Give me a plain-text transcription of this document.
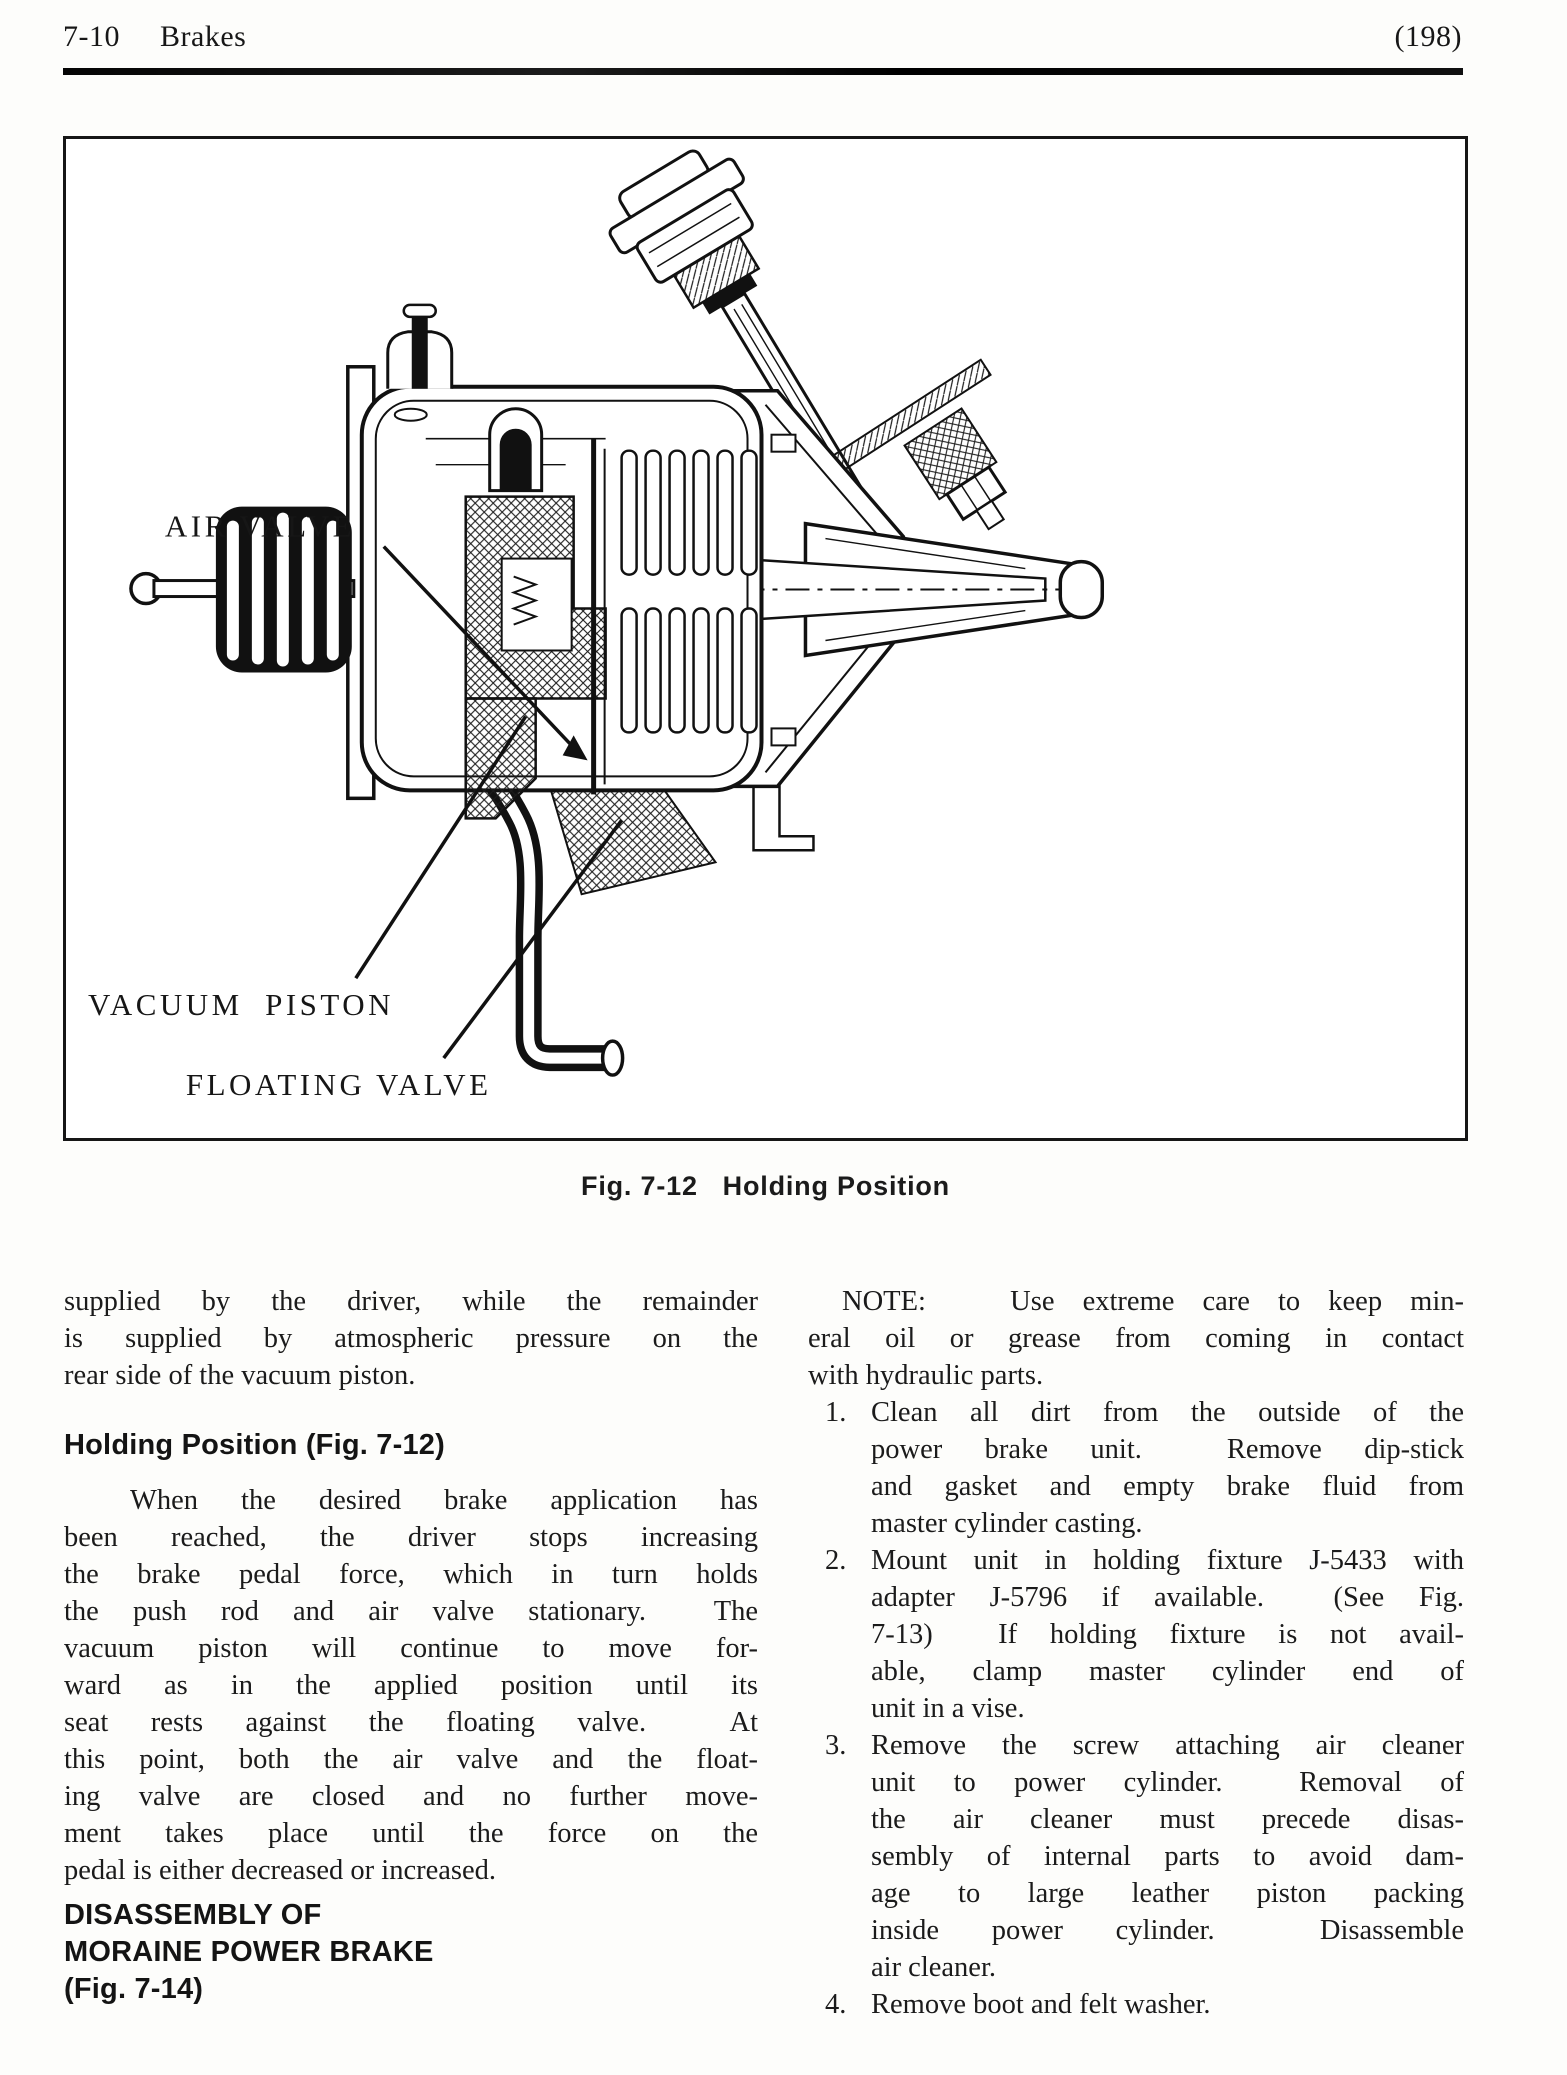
7-10 Brakes	(198)
AIR VALVE
VACUUM  PISTON
FLOATING VALVE
Fig. 7-12   Holding Position
supplied by the driver, while the remainder
is supplied by atmospheric pressure on the
rear side of the vacuum piston.
Holding Position (Fig. 7-12)
When the desired brake application has
been reached, the driver stops increasing
the brake pedal force, which in turn holds
the push rod and air valve stationary.  The
vacuum piston will continue to move for-
ward as in the applied position until its
seat rests against the floating valve.  At
this point, both the air valve and the float-
ing valve are closed and no further move-
ment takes place until the force on the
pedal is either decreased or increased.
DISASSEMBLY OF
MORAINE POWER BRAKE
(Fig. 7-14)
NOTE:   Use extreme care to keep min-
eral oil or grease from coming in contact
with hydraulic parts.
1. Clean all dirt from the outside of the
power brake unit.  Remove dip-stick
and gasket and empty brake fluid from
master cylinder casting.
2. Mount unit in holding fixture J-5433 with
adapter J-5796 if available.  (See Fig.
7-13)  If holding fixture is not avail-
able, clamp master cylinder end of
unit in a vise.
3. Remove the screw attaching air cleaner
unit to power cylinder.  Removal of
the air cleaner must precede disas-
sembly of internal parts to avoid dam-
age to large leather piston packing
inside power cylinder.  Disassemble
air cleaner.
4. Remove boot and felt washer.
